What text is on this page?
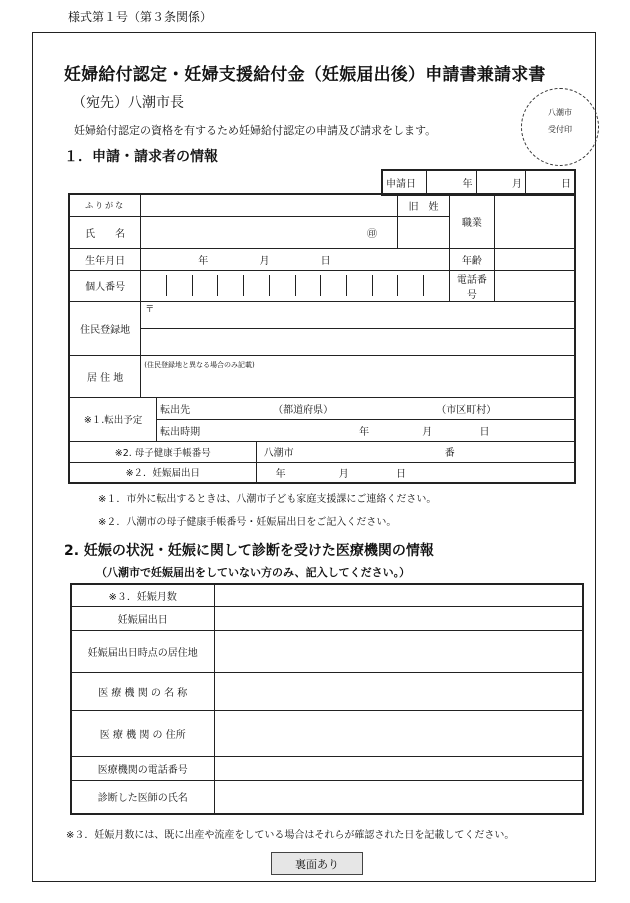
様式第１号（第３条関係）
妊婦給付認定・妊婦支援給付金（妊娠届出後）申請書兼請求書
（宛先）八潮市長
妊婦給付認定の資格を有するため妊婦給付認定の申請及び請求をします。
八潮市
受付印
１．申請・請求者の情報
申請日	年	月	日
ふりがな				旧　姓	職業	
氏　　名	㊞					
生年月日	年 月 日				年齢	
個人番号					電話番号	
住民登録地	〒					

居 住 地	(住民登録地と異なる場合のみ記載)					
※１.転出予定		転出先	（都道府県） （市区町村）			
		転出時期	年 月 日			
※2. 母子健康手帳番号			八潮市 番			
※２．妊娠届出日			年 月 日			
※１．市外に転出するときは、八潮市子ども家庭支援課にご連絡ください。
※２．八潮市の母子健康手帳番号・妊娠届出日をご記入ください。
2. 妊娠の状況・妊娠に関して診断を受けた医療機関の情報
（八潮市で妊娠届出をしていない方のみ、記入してください。）
※３．妊娠月数	
妊娠届出日	
妊娠届出日時点の居住地	
医 療 機 関 の 名 称	
医 療 機 関 の 住所	
医療機関の電話番号	
診断した医師の氏名	
※３．妊娠月数には、既に出産や流産をしている場合はそれらが確認された日を記載してください。
裏面あり
